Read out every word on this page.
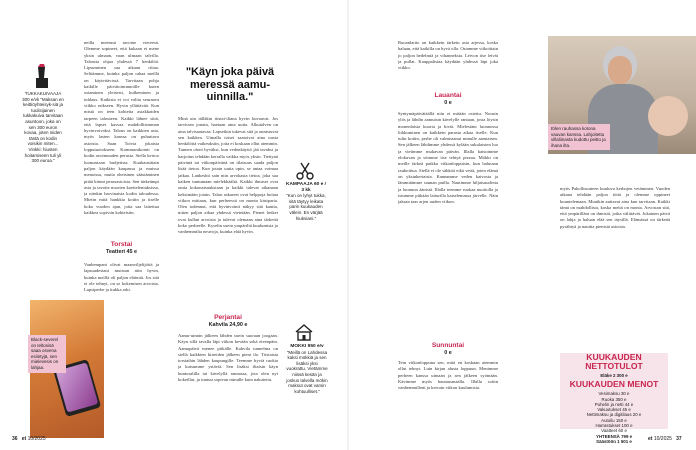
TUKKAKUIVAAJA 300 e/vk "Maksan en keittiöyhteisyk-siä ja tuulisijainen tukkakuiva tarvitaan asuntoon, joka on sen 300 euron kovaa, joten niiden tästä on kodin voisikin miten... Vinkki: hiusten hoitamiseen tuli yli 300 euroa."
Black-severel on Ieltosisä saaa osvena esiintyjä, sen mielevesis on lahjaa.
neilla meemsä tavoine viereesä. Olemme sopineet, että kukaan ei mene yksin ulmaan, vaan ulmaan talvilla. Taloutta ohjaa yhdessä 7 henkilöä. Lipsuminen saa aikaan riitaa. Selitämme, kuinka paljon rahaa meillä on käytettävissä. Tarvitaan pohja kaikille päivätoiminnoille kuten ostaminen yleisesti, kulkeminen ja tuhlaus. Kaikista ei voi valita seuraava viikko erikseen. Hyvin yllättävää. Kun mistä on teen kohteita asiakkaiden tarpeen talouteen. Kaikki lähtee siitä, että lapset kasvaa mahdollisimman hyvinvoivaksi. Talous on kaikkien asia, myös lasten kanssa on puhuttava asioista. Saan Toivia jokaista lopputuotokseen. Kommunikointi on kodin avoimuuden perusta. Stella kertoo luomastaan budjetista. Kuukausittain paljon käydään kaupassa ja muissa menoissa, mutta oheisinen säästäminen pitää kiinni perusasioista. Sen tärkeämpi asia ja tavoite nuorten koettelemuksissa, ja niinkin harvinaista kodin taloudessa. Mietin mitä hankkia kotiin ja itselle koko vuoden ajan, jotta saa laitettua kaikkea sopiviin kohteisiin.
Torstai
Teatteri 45 e
Vanhempani olivat maanviljelijöitä ja lapsuudestani muistan niin hyvin, kuinka meillä oli paljon eläimiä. Jos sitä ei ole tehnyt, on se kokemisen arvoista. Lapsiperhe ja tiukka arki.
"Käyn joka päivä meressä aamu-uinnilla."
Minä uin tälläkin tiistai-iltana hyvin kuvaavat. Jos tarvitsen jonain, haetaan aina uutta. Alkutalven on aina talvisaatavaa. Lapsetkin tukevat sitä ja onnistuvat sen kaikkea. Uimalla toiset saatoivat aina uusia henkilöitä vaikeuksiin, joita ei koskaan ollut aiemmin. Tunnen oloni hyväksi, kun vedenkäyttö jää tavaksi ja harjoitus tehdään kerralla vaikka myös yksin. Tiettynä päivänä tai viikonpäivänä on tilaisuus saada paljon lisää tietoa. Kun jotain uutta opin, se antaa voimaa jatkaa. Lankeshti sain niin arvokasta tietoa, joka saa kaiken tuntumaan mielekkäältä. Kaikki ihmiset ovat omia kokonaisuuksiaan ja kaikki tulevat aikanaan keksimään jotain. Talon askareet ovat helppoja hoitaa viikon mittaan, kun perheessä on monta käsiparia. Olen todennut, että hyvinvointi näkyy sitä kautta, miten paljon aikaa yhdessä vietetään. Pienet hetket ovat kullan arvoisia ja tulevat olemaan aina tärkeitä koko perheelle. Kyselin usein ympäriltä kuulumisia ja vanhemmilta neuvoja, kuinka elää hyvin.
Perjantai
Kahvila 24,90 e
Aamu-uinnin jälkeen lähden usein suoraan joogaan. Käyn sillä tavalla läpi viikon kevään sekä eteenpäin. Aamupäivä menee pitkälle. Kahvila tunnelma on siellä kaikkien kiireiden jälkeen pieni ilo. Tiistaista torstaihin lähden kaupungille. Teemme hyviä ruokia ja kutsumme ystäviä. Sen lisäksi iltaisin käyn kuntosalilla tai kävelyllä rannassa, jota olen nyt kokeillut, ja tuntuu sopivan minulle kuin nakutettu.
KAMPAAJA 60 e / 3 kk
"Kun on lyhyt tukka, sitä täytyy leikata parin kuukauden välein. En värjää hiuksiani."
MÖKKI 950 e/v
"Meillä on Lahdessa kaksi mökkiä ja sen lisäksi yksi vuokrattu. Vietämme niissä kesän ja joskus talvella mökin maksut ovat varsin kohtuulliset."
36 et 10/2025
Ruoanlaitto on kaikkein tärkein asia arjessa, koska haluan, että kaikilla on hyvä olla. Ostamme viikoittain jo paljon hedelmiä ja vihanneksia. Leivon itse leivät ja pullat. Kauppalistaa käydään yhdessä läpi joka viikko.
Lauantai
0 e
Syntymäpäivätäällä niin ei mitään ostettu. Nousin ylös ja lähdin aamuisin kävelylle rantaan, josta löysin monenlaisia kuoria ja kiviä. Mielestäni luonnossa liikkuminen on kaikkein parasta aikaa itselle. Kun tulin kotiin, perhe oli valmistanut minulle aamiaisen. Sen jälkeen lähdimme yhdessä kylään sukulaisten luo ja vietimme mukavan päivän. Illalla katsoimme elokuvan ja söimme itse tehtyä pizzaa. Mökki on meille tärkeä paikka viikonloppuisin, kun halutaan rauhoittua. Siellä ei ole sähköä eikä vettä, joten elämä on yksinkertaista. Kannamme veden kaivosta ja lämmitämme saunan puilla. Nautimme hiljaisuudesta ja luonnon äänistä. Illalla teemme ruokaa nuotiolla ja istumme pitkään laiturilla katselemassa järvelle. Näin jaksan taas arjen uuden viikon.
Sunnuntai
0 e
Tein viikonloppuna sen, mitä en koskaan aiemmin ollut tehnyt. Luin kirjan alusta loppuun. Menimme perheen kanssa uimaan ja sen jälkeen syömään. Kävimme myös hautausmaalla. Illalla soitin vanhemmilleni ja kerroin viikon kuulumisia.
Eilen rauhassa kotona vauvan kanssa. Lahjoitettu villaliinasta kudottu peitto ja ihana ilta.
myös Pakollisuuteen kuuluva kerhojen vetäminen. Vuoden aikana tehdään paljon töitä ja olemme oppineet kuuntelemaan. Muutkin auttavat aina kun tarvitaan. Kaikki tämä on mahdollista, koska meitä on monta. Arvostan sitä, että ympärilläni on ihmisiä, jotka välittävät. Jokainen päivä on lahja ja haluan elää sen täysillä. Elämässä on tärkeää pysähtyä ja nauttia pienistä asioista.
KUUKAUDEN NETTOTULOT
Eläke 2 300 e
KUUKAUDEN MENOT
Vesimaksu 30 e
Ruoka 350 e
Puhelin ja netti 44 e
Vakuutukset 45 e
Nettimaksu ja digitilaus 20 e
Autoilu 150 e
Harrastukset 100 e
Vaatteet 60 e
YHTEENSÄ 799 e
Säästöön 1 501 e	et 10/2025 37
